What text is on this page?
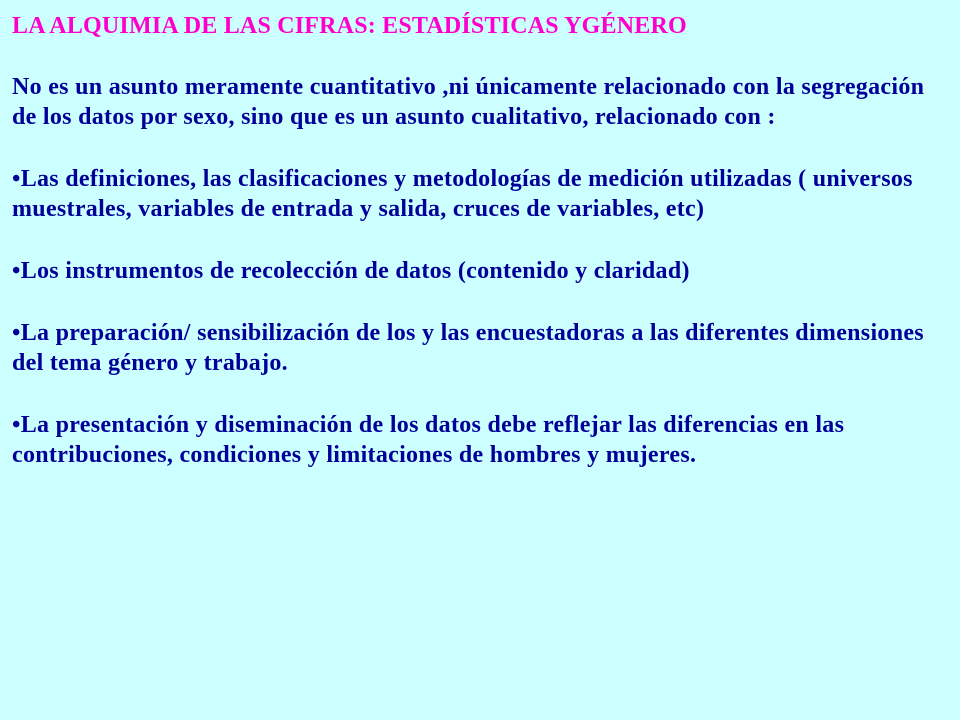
LA ALQUIMIA DE LAS CIFRAS: ESTADÍSTICAS YGÉNERO

No es un asunto meramente cuantitativo ,ni únicamente relacionado con la segregación de los datos por sexo, sino que es un asunto cualitativo, relacionado con :

•Las definiciones, las clasificaciones y metodologías de medición utilizadas ( universos muestrales, variables de entrada y salida, cruces de variables, etc)

•Los instrumentos de recolección de datos (contenido y claridad)

•La preparación/ sensibilización de los y las encuestadoras a las diferentes dimensiones del tema género y trabajo.

•La presentación y diseminación de los datos debe reflejar las diferencias en las contribuciones, condiciones y limitaciones de hombres y mujeres.
